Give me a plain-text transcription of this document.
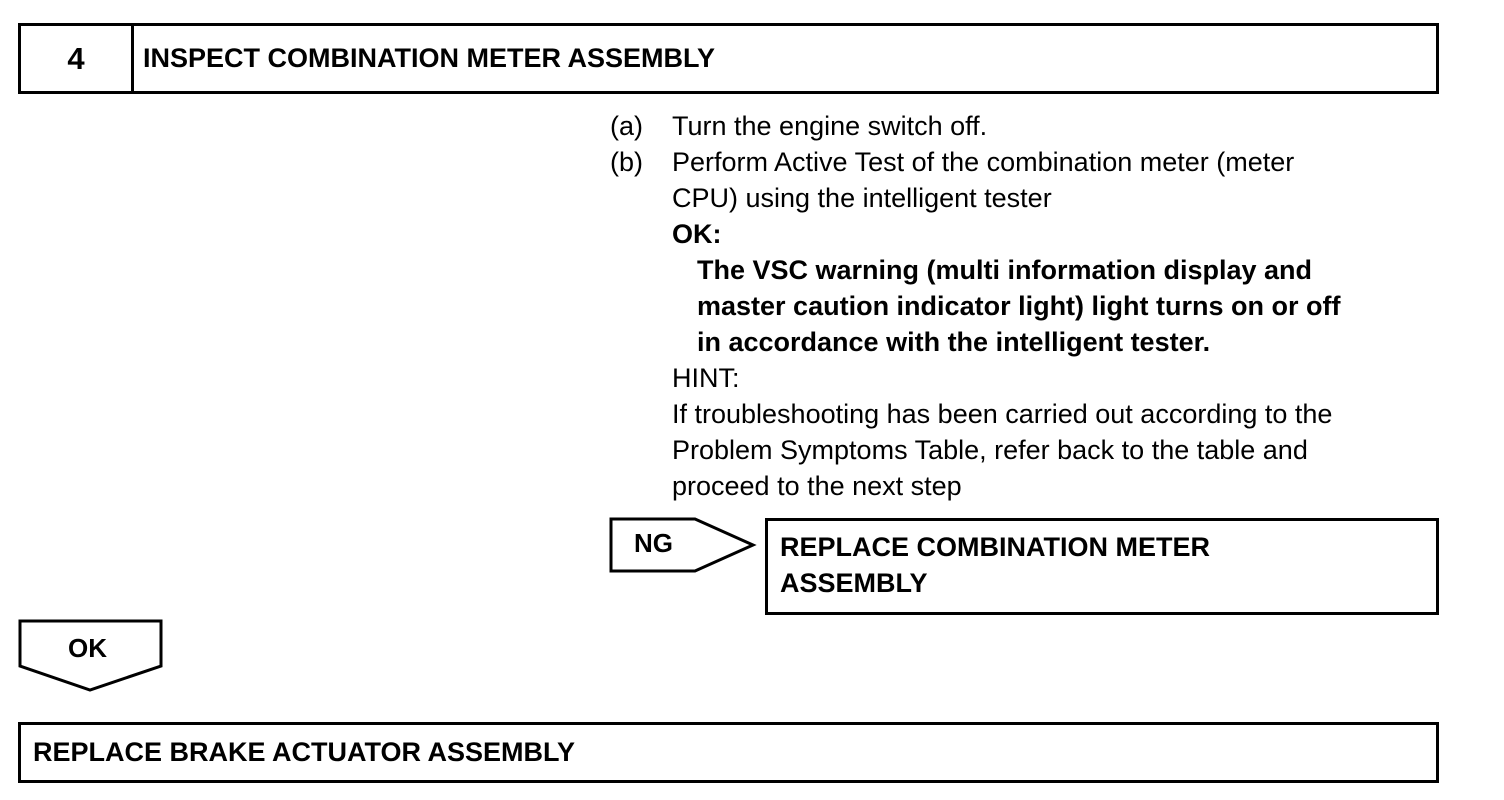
4	INSPECT COMBINATION METER ASSEMBLY
(a) Turn the engine switch off.
(b) Perform Active Test of the combination meter (meter
CPU) using the intelligent tester
OK:
The VSC warning (multi information display and
master caution indicator light) light turns on or off
in accordance with the intelligent tester.
HINT:
If troubleshooting has been carried out according to the
Problem Symptoms Table, refer back to the table and
proceed to the next step
NG	REPLACE COMBINATION METER
ASSEMBLY
OK
REPLACE BRAKE ACTUATOR ASSEMBLY
